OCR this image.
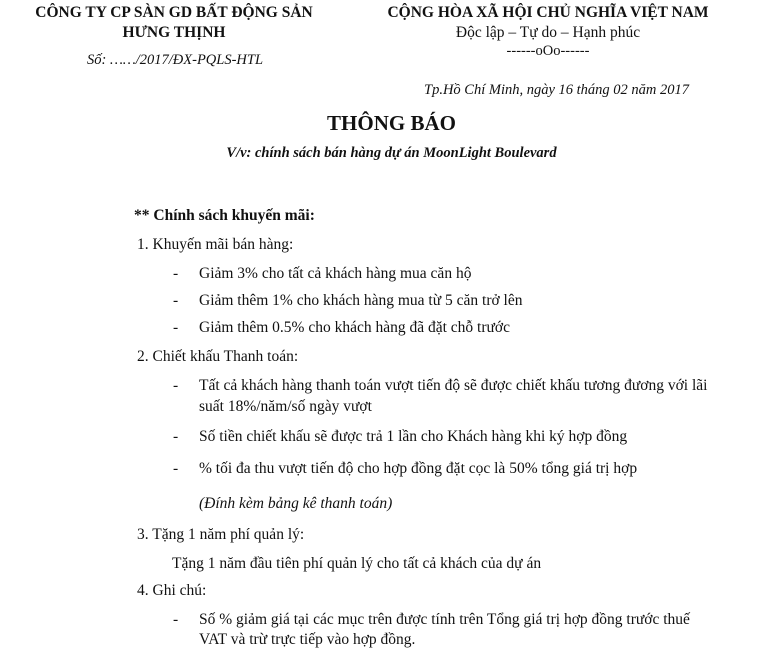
CÔNG TY CP SÀN GD BẤT ĐỘNG SẢN
HƯNG THỊNH
Số: ……/2017/ĐX-PQLS-HTL
CỘNG HÒA XÃ HỘI CHỦ NGHĨA VIỆT NAM
Độc lập – Tự do – Hạnh phúc
------oOo------
Tp.Hồ Chí Minh, ngày 16 tháng 02 năm 2017
THÔNG BÁO
V/v: chính sách bán hàng dự án MoonLight Boulevard
** Chính sách khuyến mãi:
1. Khuyến mãi bán hàng:
- Giảm 3% cho tất cả khách hàng mua căn hộ
- Giảm thêm 1% cho khách hàng mua từ 5 căn trở lên
- Giảm thêm 0.5% cho khách hàng đã đặt chỗ trước
2. Chiết khấu Thanh toán:
- Tất cả khách hàng thanh toán vượt tiến độ sẽ được chiết khấu tương đương với lãi
suất 18%/năm/số ngày vượt
- Số tiền chiết khấu sẽ được trả 1 lần cho Khách hàng khi ký hợp đồng
- % tối đa thu vượt tiến độ cho hợp đồng đặt cọc là 50% tổng giá trị hợp
(Đính kèm bảng kê thanh toán)
3. Tặng 1 năm phí quản lý:
Tặng 1 năm đầu tiên phí quản lý cho tất cả khách của dự án
4. Ghi chú:
- Số % giảm giá tại các mục trên được tính trên Tổng giá trị hợp đồng trước thuế
VAT và trừ trực tiếp vào hợp đồng.
